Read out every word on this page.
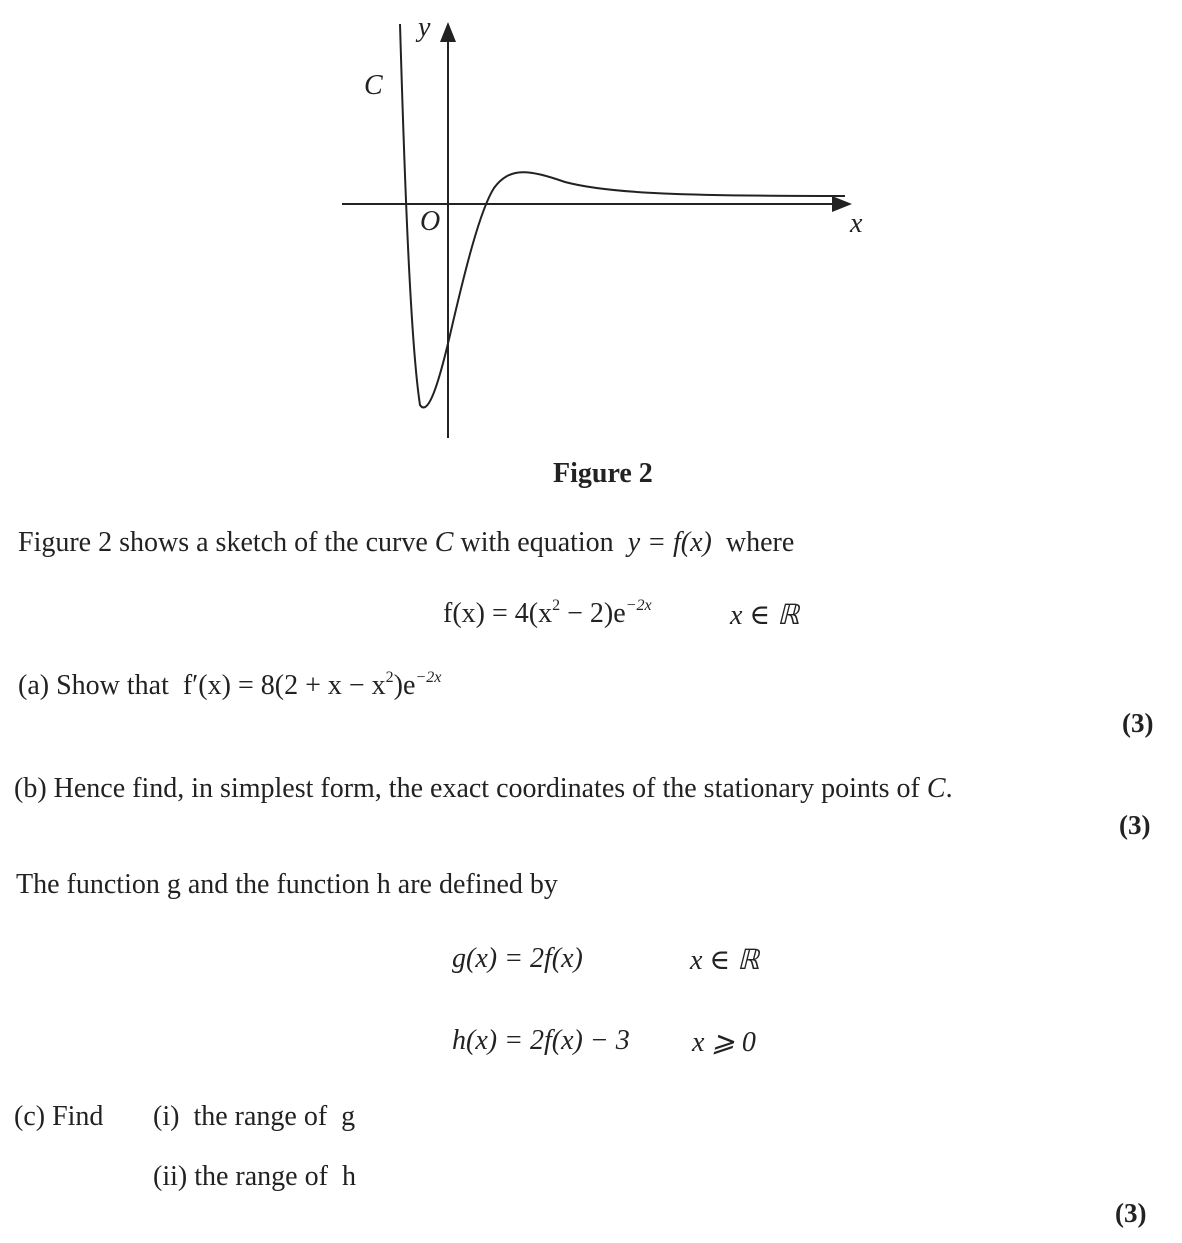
y
x
O
C
Figure 2
Figure 2 shows a sketch of the curve C with equation y = f(x) where
$f(x) = 4(x^2 - 2)e^{-2x}$	x ∈ ℝ
(a) Show that $f'(x) = 8(2 + x - x^2)e^{-2x}$
(3)
(b) Hence find, in simplest form, the exact coordinates of the stationary points of C.
(3)
The function g and the function h are defined by
g(x) = 2f(x)	x ∈ ℝ
h(x) = 2f(x) − 3 x ⩾ 0
(c) Find (i) the range of g
(ii) the range of h
(3)
